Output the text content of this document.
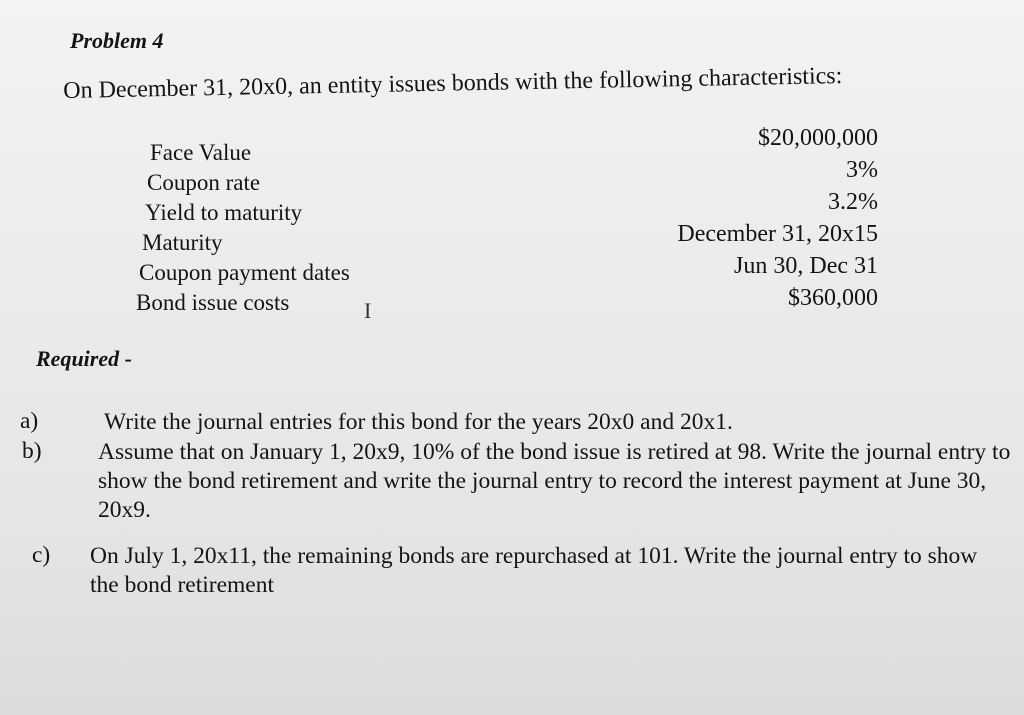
Problem 4
On December 31, 20x0, an entity issues bonds with the following characteristics:
Face Value
Coupon rate
Yield to maturity
Maturity
Coupon payment dates
Bond issue costs
$20,000,000
3%
3.2%
December 31, 20x15
Jun 30, Dec 31
$360,000
I
Required -
a)	Write the journal entries for this bond for the years 20x0 and 20x1.
b) Assume that on January 1, 20x9, 10% of the bond issue is retired at 98. Write the journal entry to show the bond retirement and write the journal entry to record the interest payment at June 30, 20x9.
c) On July 1, 20x11, the remaining bonds are repurchased at 101. Write the journal entry to show the bond retirement
